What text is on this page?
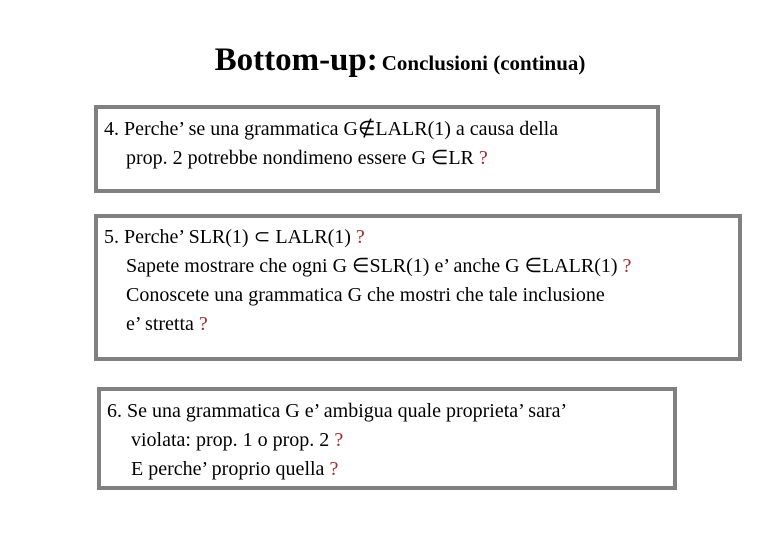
Bottom-up: Conclusioni (continua)
4. Perche’ se una grammatica G∉LALR(1) a causa della
prop. 2 potrebbe nondimeno essere G ∈LR ?
5. Perche’ SLR(1) ⊂ LALR(1) ?
Sapete mostrare che ogni G ∈SLR(1) e’ anche G ∈LALR(1) ?
Conoscete una grammatica G che mostri che tale inclusione
e’ stretta ?
6. Se una grammatica G e’ ambigua quale proprieta’ sara’
violata: prop. 1 o prop. 2 ?
E perche’ proprio quella ?
